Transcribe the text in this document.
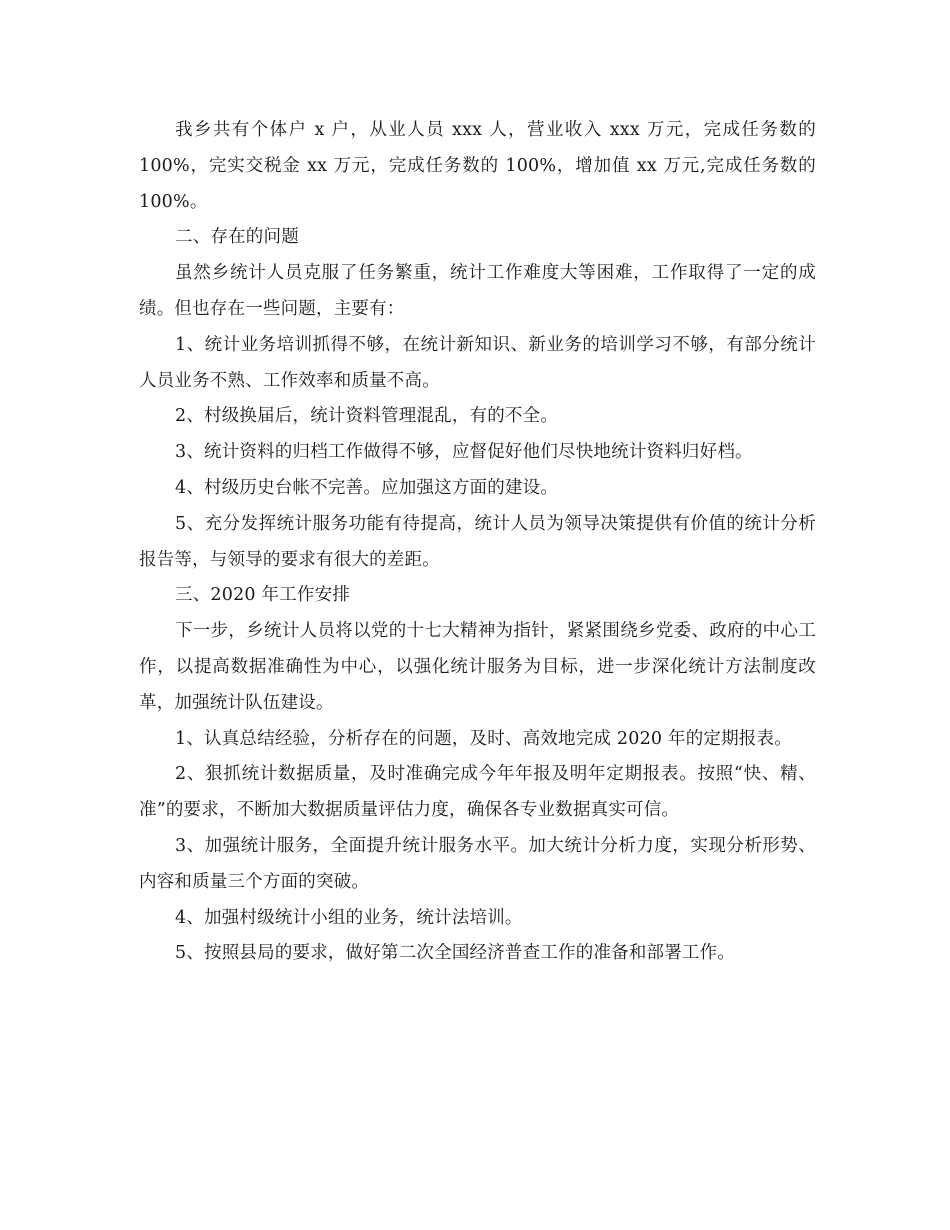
我乡共有个体户 x 户，从业人员 xxx 人，营业收入 xxx 万元，完成任务数的100%，完实交税金 xx 万元，完成任务数的 100%，增加值 xx 万元,完成任务数的100%。

二、存在的问题

虽然乡统计人员克服了任务繁重，统计工作难度大等困难，工作取得了一定的成绩。但也存在一些问题，主要有：

1、统计业务培训抓得不够，在统计新知识、新业务的培训学习不够，有部分统计人员业务不熟、工作效率和质量不高。

2、村级换届后，统计资料管理混乱，有的不全。

3、统计资料的归档工作做得不够，应督促好他们尽快地统计资料归好档。

4、村级历史台帐不完善。应加强这方面的建设。

5、充分发挥统计服务功能有待提高，统计人员为领导决策提供有价值的统计分析报告等，与领导的要求有很大的差距。

三、2020 年工作安排

下一步，乡统计人员将以党的十七大精神为指针，紧紧围绕乡党委、政府的中心工作，以提高数据准确性为中心，以强化统计服务为目标，进一步深化统计方法制度改革，加强统计队伍建设。

1、认真总结经验，分析存在的问题，及时、高效地完成 2020 年的定期报表。

2、狠抓统计数据质量，及时准确完成今年年报及明年定期报表。按照“快、精、准”的要求，不断加大数据质量评估力度，确保各专业数据真实可信。

3、加强统计服务，全面提升统计服务水平。加大统计分析力度，实现分析形势、内容和质量三个方面的突破。

4、加强村级统计小组的业务，统计法培训。

5、按照县局的要求，做好第二次全国经济普查工作的准备和部署工作。
